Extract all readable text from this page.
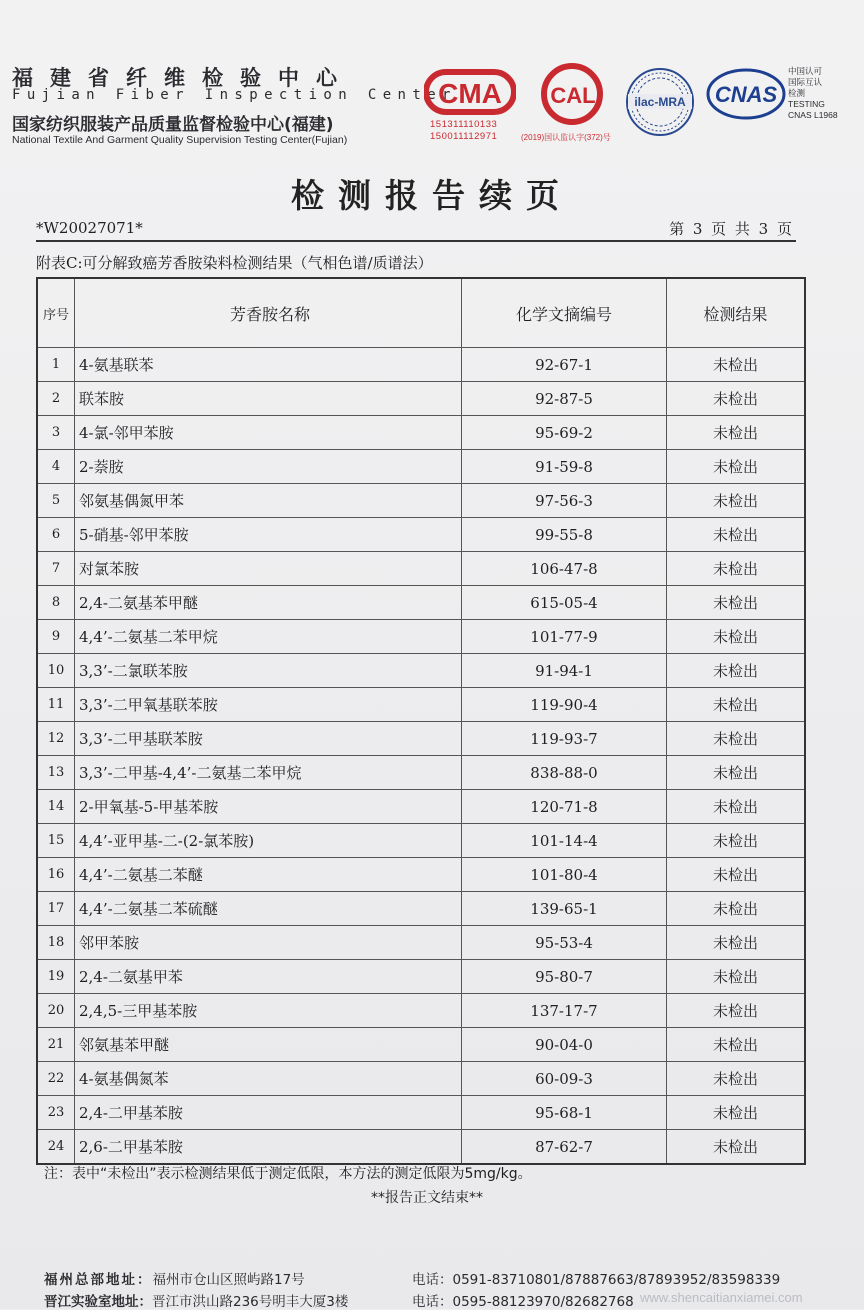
福建省纤维检验中心
Fujian Fiber Inspection Center
国家纺织服装产品质量监督检验中心(福建)
National Textile And Garment Quality Supervision Testing Center(Fujian)
CMA
151311110133
150011112971
CAL
(2019)国认监认字(372)号
ilac-MRA CNAS
中国认可
国际互认
检测
TESTING
CNAS L1968
检测报告续页
*W20027071*	第 3 页 共 3 页
附表C:可分解致癌芳香胺染料检测结果（气相色谱/质谱法）
序号	芳香胺名称	化学文摘编号	检测结果
1	4-氨基联苯	92-67-1	未检出
2	联苯胺	92-87-5	未检出
3	4-氯-邻甲苯胺	95-69-2	未检出
4	2-萘胺	91-59-8	未检出
5	邻氨基偶氮甲苯	97-56-3	未检出
6	5-硝基-邻甲苯胺	99-55-8	未检出
7	对氯苯胺	106-47-8	未检出
8	2,4-二氨基苯甲醚	615-05-4	未检出
9	4,4’-二氨基二苯甲烷	101-77-9	未检出
10	3,3’-二氯联苯胺	91-94-1	未检出
11	3,3’-二甲氧基联苯胺	119-90-4	未检出
12	3,3’-二甲基联苯胺	119-93-7	未检出
13	3,3’-二甲基-4,4’-二氨基二苯甲烷	838-88-0	未检出
14	2-甲氧基-5-甲基苯胺	120-71-8	未检出
15	4,4’-亚甲基-二-(2-氯苯胺)	101-14-4	未检出
16	4,4’-二氨基二苯醚	101-80-4	未检出
17	4,4’-二氨基二苯硫醚	139-65-1	未检出
18	邻甲苯胺	95-53-4	未检出
19	2,4-二氨基甲苯	95-80-7	未检出
20	2,4,5-三甲基苯胺	137-17-7	未检出
21	邻氨基苯甲醚	90-04-0	未检出
22	4-氨基偶氮苯	60-09-3	未检出
23	2,4-二甲基苯胺	95-68-1	未检出
24	2,6-二甲基苯胺	87-62-7	未检出
注：表中“未检出”表示检测结果低于测定低限，本方法的测定低限为5mg/kg。
**报告正文结束**
福州总部地址：福州市仓山区照屿路17号
晋江实验室地址：晋江市洪山路236号明丰大厦3楼
电话：0591-83710801/87887663/87893952/83598339
电话：0595-88123970/82682768 www.shencaitianxiamei.com
